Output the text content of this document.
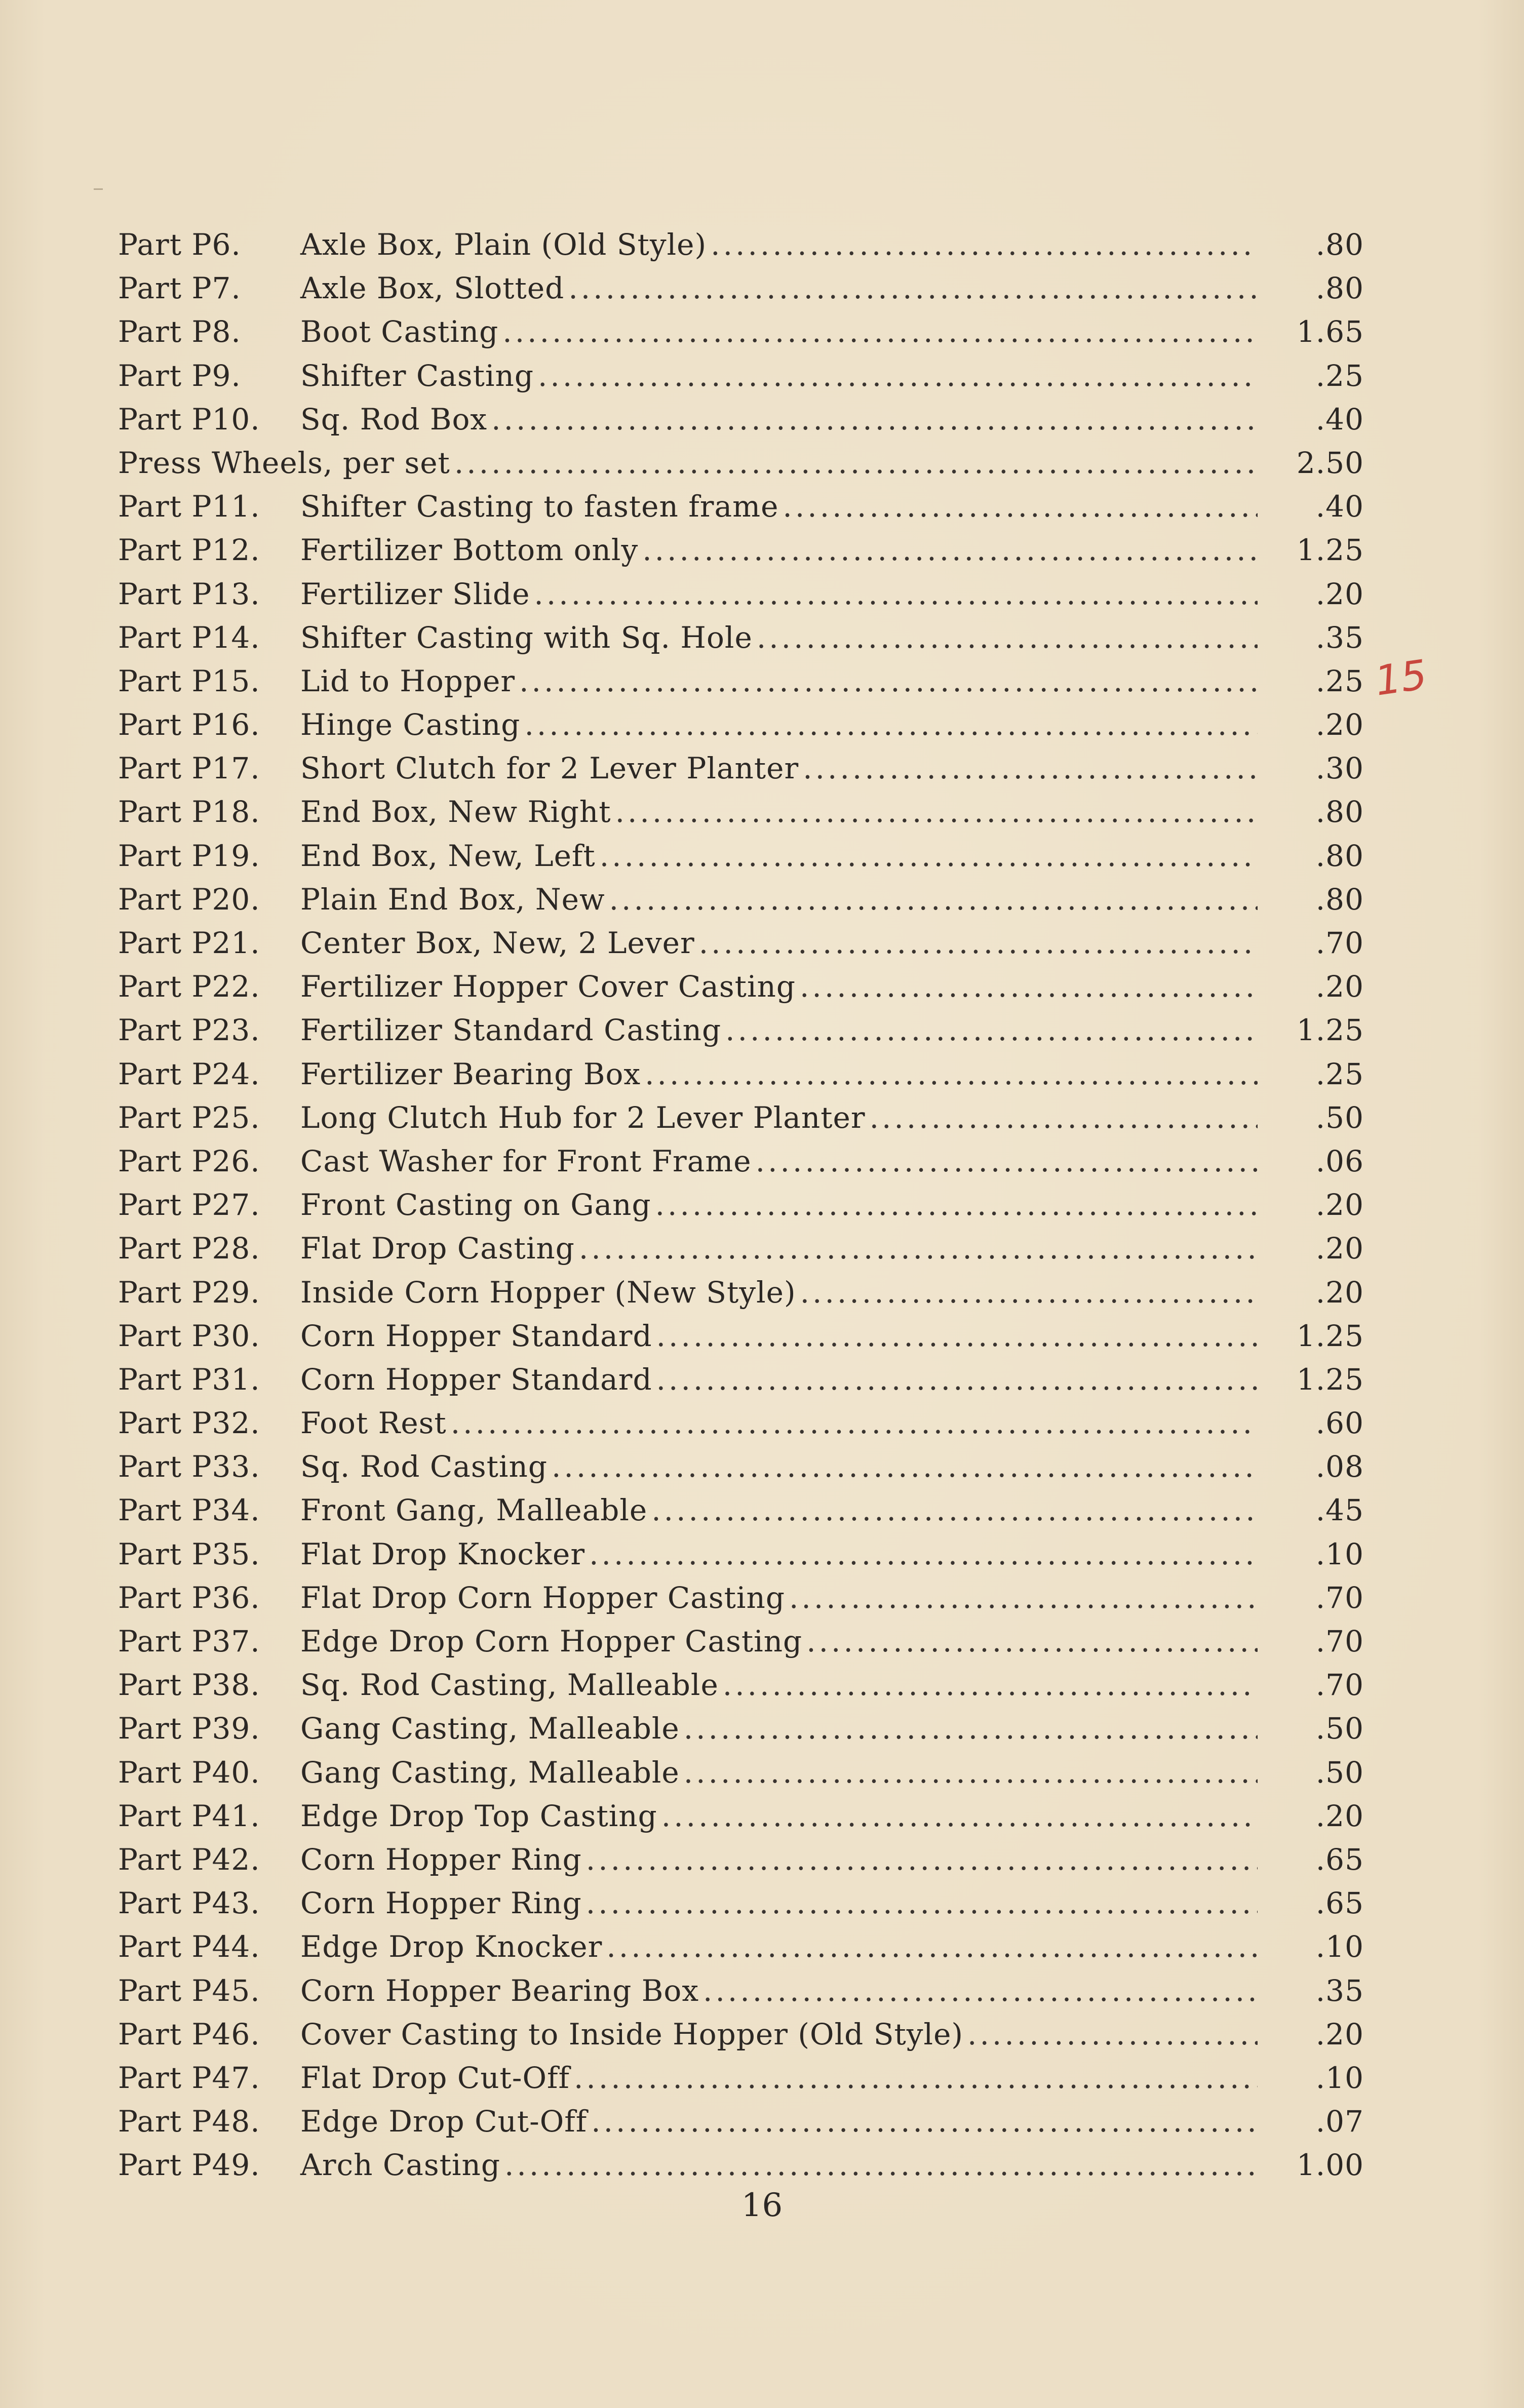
Part P6.	Axle Box, Plain (Old Style) .....	.80
Part P7.	Axle Box, Slotted .....	.80
Part P8.	Boot Casting .....	1.65
Part P9.	Shifter Casting .....	.25
Part P10.	Sq. Rod Box .....	.40
Press Wheels, per set .....	2.50
Part P11.	Shifter Casting to fasten frame .....	.40
Part P12.	Fertilizer Bottom only .....	1.25
Part P13.	Fertilizer Slide .....	.20
Part P14.	Shifter Casting with Sq. Hole .....	.35
Part P15.	Lid to Hopper .....	.25
Part P16.	Hinge Casting .....	.20
Part P17.	Short Clutch for 2 Lever Planter .....	.30
Part P18.	End Box, New Right .....	.80
Part P19.	End Box, New, Left .....	.80
Part P20.	Plain End Box, New .....	.80
Part P21.	Center Box, New, 2 Lever .....	.70
Part P22.	Fertilizer Hopper Cover Casting .....	.20
Part P23.	Fertilizer Standard Casting .....	1.25
Part P24.	Fertilizer Bearing Box .....	.25
Part P25.	Long Clutch Hub for 2 Lever Planter .....	.50
Part P26.	Cast Washer for Front Frame .....	.06
Part P27.	Front Casting on Gang .....	.20
Part P28.	Flat Drop Casting .....	.20
Part P29.	Inside Corn Hopper (New Style) .....	.20
Part P30.	Corn Hopper Standard .....	1.25
Part P31.	Corn Hopper Standard .....	1.25
Part P32.	Foot Rest .....	.60
Part P33.	Sq. Rod Casting .....	.08
Part P34.	Front Gang, Malleable .....	.45
Part P35.	Flat Drop Knocker .....	.10
Part P36.	Flat Drop Corn Hopper Casting .....	.70
Part P37.	Edge Drop Corn Hopper Casting .....	.70
Part P38.	Sq. Rod Casting, Malleable .....	.70
Part P39.	Gang Casting, Malleable .....	.50
Part P40.	Gang Casting, Malleable .....	.50
Part P41.	Edge Drop Top Casting .....	.20
Part P42.	Corn Hopper Ring .....	.65
Part P43.	Corn Hopper Ring .....	.65
Part P44.	Edge Drop Knocker .....	.10
Part P45.	Corn Hopper Bearing Box .....	.35
Part P46.	Cover Casting to Inside Hopper (Old Style) .....	.20
Part P47.	Flat Drop Cut-Off .....	.10
Part P48.	Edge Drop Cut-Off .....	.07
Part P49.	Arch Casting .....	1.00
15
16
